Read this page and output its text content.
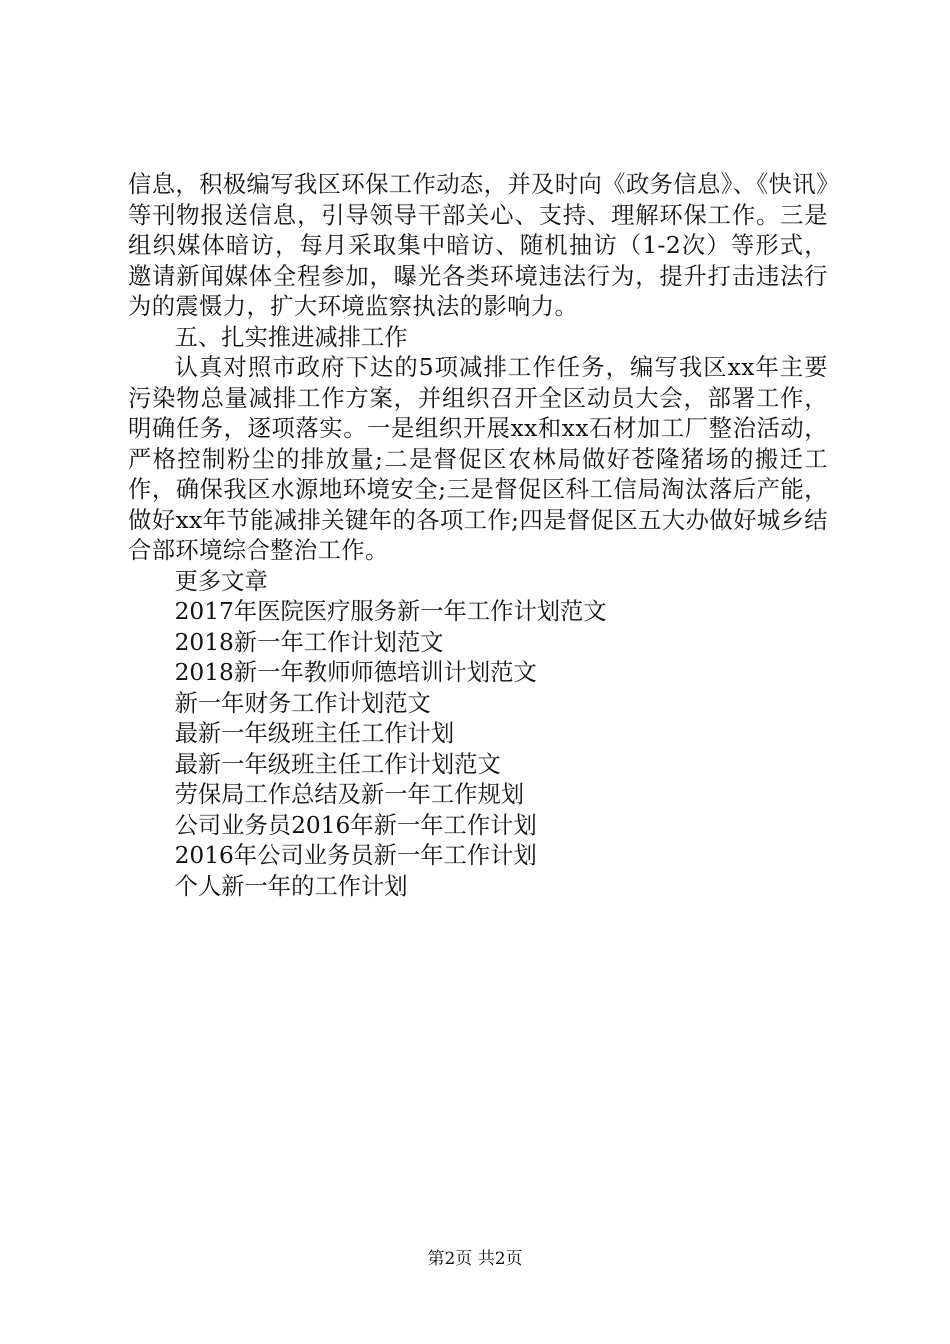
信息，积极编写我区环保工作动态，并及时向《政务信息》、《快讯》等刊物报送信息，引导领导干部关心、支持、理解环保工作。三是组织媒体暗访，每月采取集中暗访、随机抽访（1-2次）等形式，邀请新闻媒体全程参加，曝光各类环境违法行为，提升打击违法行为的震慑力，扩大环境监察执法的影响力。

五、扎实推进减排工作

认真对照市政府下达的5项减排工作任务，编写我区xx年主要污染物总量减排工作方案，并组织召开全区动员大会，部署工作，明确任务，逐项落实。一是组织开展xx和xx石材加工厂整治活动，严格控制粉尘的排放量;二是督促区农林局做好苍隆猪场的搬迁工作，确保我区水源地环境安全;三是督促区科工信局淘汰落后产能，做好xx年节能减排关键年的各项工作;四是督促区五大办做好城乡结合部环境综合整治工作。

更多文章

2017年医院医疗服务新一年工作计划范文
2018新一年工作计划范文
2018新一年教师师德培训计划范文
新一年财务工作计划范文
最新一年级班主任工作计划
最新一年级班主任工作计划范文
劳保局工作总结及新一年工作规划
公司业务员2016年新一年工作计划
2016年公司业务员新一年工作计划
个人新一年的工作计划
第2页 共2页
